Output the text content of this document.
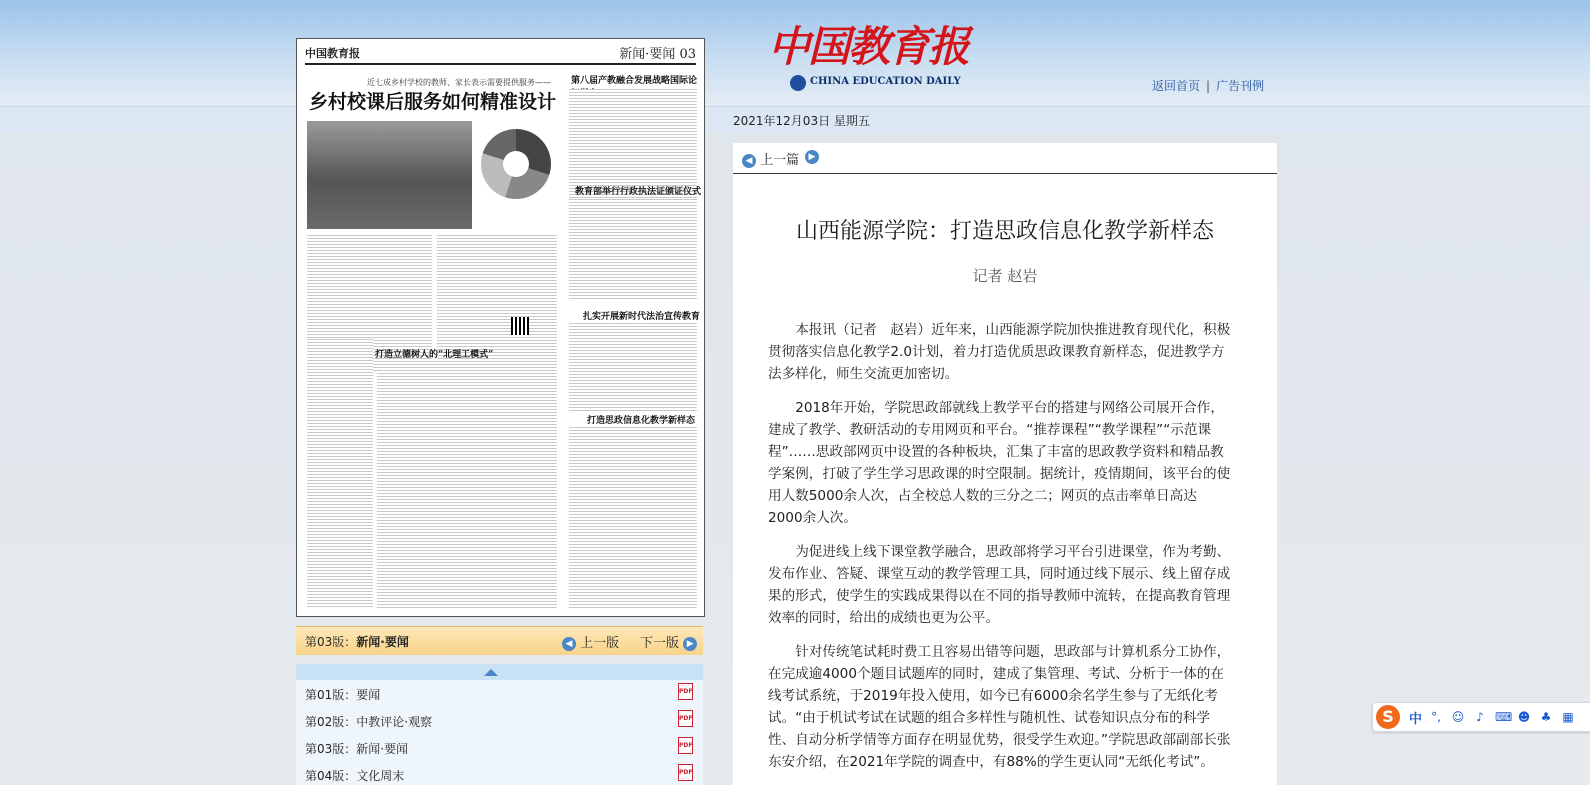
中国教育报	新闻·要闻 03
近七成乡村学校的教师、家长表示需要提供服务——
乡村校课后服务如何精准设计
打造立德树人的“北理工模式”
第八届产教融合发展战略国际论
教育部举行行政执法证颁证仪式
扎实开展新时代法治宣传教育
打造思政信息化教学新样态
第03版：新闻·要闻	◀ 上一版 下一版 ▶
第01版：要闻	PDF
第02版：中教评论·观察	PDF
第03版：新闻·要闻	PDF
第04版：文化周末	PDF
中国教育报
CHINA EDUCATION DAILY	返回首页 | 广告刊例
2021年12月03日 星期五
◀ 上一篇	▶
山西能源学院：打造思政信息化教学新样态
记者 赵岩

本报讯（记者　赵岩）近年来，山西能源学院加快推进教育现代化，积极贯彻落实信息化教学2.0计划，着力打造优质思政课教育新样态，促进教学方法多样化，师生交流更加密切。

2018年开始，学院思政部就线上教学平台的搭建与网络公司展开合作，建成了教学、教研活动的专用网页和平台。“推荐课程”“教学课程”“示范课程”……思政部网页中设置的各种板块，汇集了丰富的思政教学资料和精品教学案例，打破了学生学习思政课的时空限制。据统计，疫情期间，该平台的使用人数5000余人次，占全校总人数的三分之二；网页的点击率单日高达2000余人次。

为促进线上线下课堂教学融合，思政部将学习平台引进课堂，作为考勤、发布作业、答疑、课堂互动的教学管理工具，同时通过线下展示、线上留存成果的形式，使学生的实践成果得以在不同的指导教师中流转，在提高教育管理效率的同时，给出的成绩也更为公平。

针对传统笔试耗时费工且容易出错等问题，思政部与计算机系分工协作，在完成逾4000个题目试题库的同时，建成了集管理、考试、分析于一体的在线考试系统，于2019年投入使用，如今已有6000余名学生参与了无纸化考试。“由于机试考试在试题的组合多样性与随机性、试卷知识点分布的科学性、自动分析学情等方面存在明显优势，很受学生欢迎。”学院思政部副部长张东安介绍，在2021年学院的调查中，有88%的学生更认同“无纸化考试”。

S	中 °, ☺ ♪ ⌨ ☻ ♣ ▦
